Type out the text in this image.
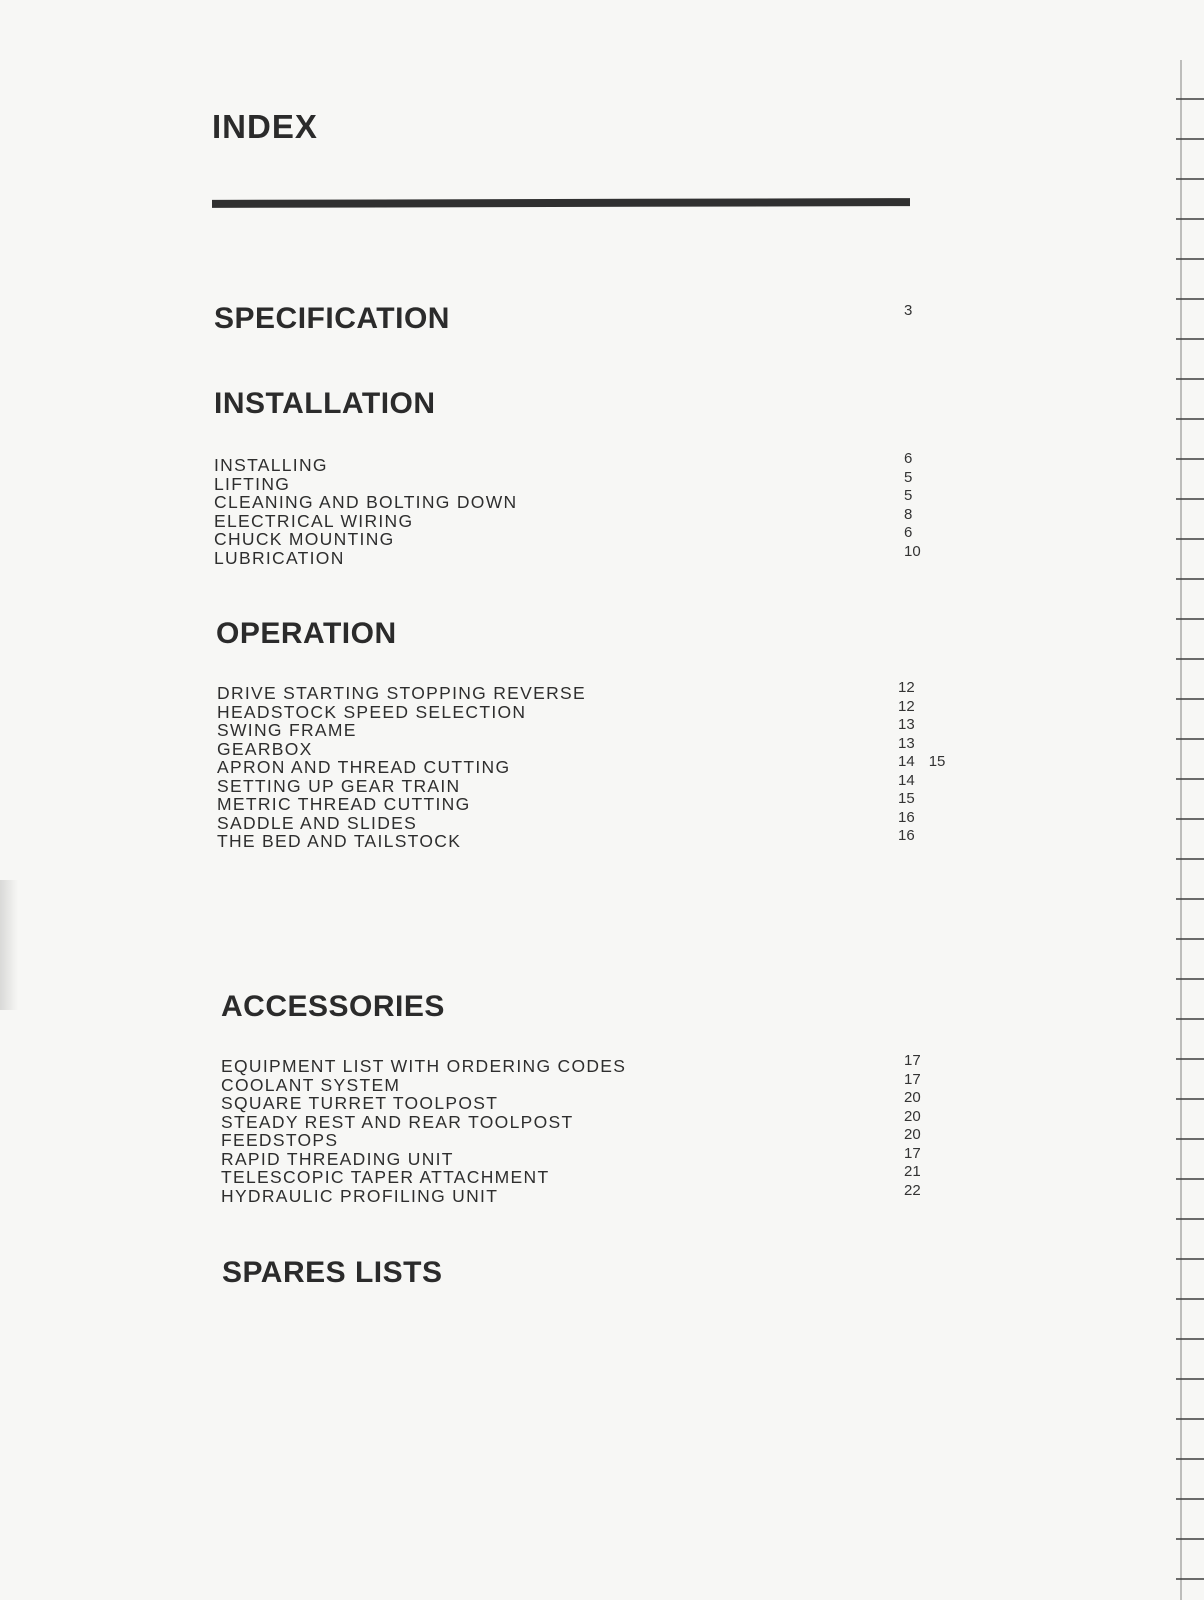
INDEX
SPECIFICATION	3
INSTALLATION
INSTALLING
LIFTING
CLEANING AND BOLTING DOWN
ELECTRICAL WIRING
CHUCK MOUNTING
LUBRICATION
6
5
5
8
6
10
OPERATION
DRIVE STARTING STOPPING REVERSE
HEADSTOCK SPEED SELECTION
SWING FRAME
GEARBOX
APRON AND THREAD CUTTING
SETTING UP GEAR TRAIN
METRIC THREAD CUTTING
SADDLE AND SLIDES
THE BED AND TAILSTOCK
12
12
13
13
14 15
14
15
16
16
ACCESSORIES
EQUIPMENT LIST WITH ORDERING CODES
COOLANT SYSTEM
SQUARE TURRET TOOLPOST
STEADY REST AND REAR TOOLPOST
FEEDSTOPS
RAPID THREADING UNIT
TELESCOPIC TAPER ATTACHMENT
HYDRAULIC PROFILING UNIT
17
17
20
20
20
17
21
22
SPARES LISTS
